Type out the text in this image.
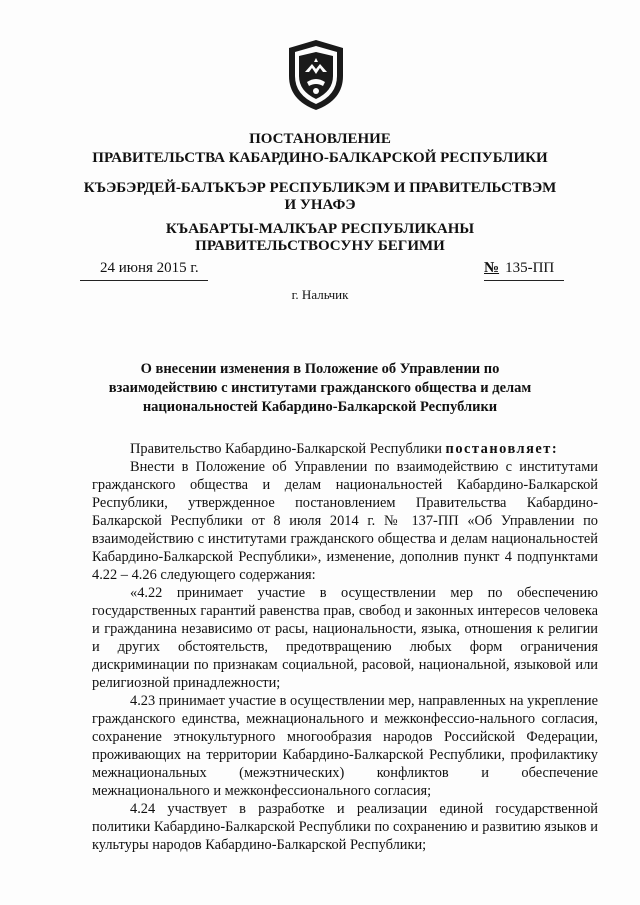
ПОСТАНОВЛЕНИЕ
ПРАВИТЕЛЬСТВА КАБАРДИНО-БАЛКАРСКОЙ РЕСПУБЛИКИ
КЪЭБЭРДЕЙ-БАЛЪКЪЭР РЕСПУБЛИКЭМ И ПРАВИТЕЛЬСТВЭМ И УНАФЭ
КЪАБАРТЫ-МАЛКЪАР РЕСПУБЛИКАНЫ ПРАВИТЕЛЬСТВОСУНУ БЕГИМИ
24 июня 2015 г.	№ 135-ПП
г. Нальчик
О внесении изменения в Положение об Управлении по взаимодействию с институтами гражданского общества и делам национальностей Кабардино-Балкарской Республики

Правительство Кабардино-Балкарской Республики постановляет:

Внести в Положение об Управлении по взаимодействию с институтами гражданского общества и делам национальностей Кабардино-Балкарской Республики, утвержденное постановлением Правительства Кабардино-Балкарской Республики от 8 июля 2014 г. № 137-ПП «Об Управлении по взаимодействию с институтами гражданского общества и делам национальностей Кабардино-Балкарской Республики», изменение, дополнив пункт 4 подпунктами 4.22 – 4.26 следующего содержания:

«4.22 принимает участие в осуществлении мер по обеспечению государственных гарантий равенства прав, свобод и законных интересов человека и гражданина независимо от расы, национальности, языка, отношения к религии и других обстоятельств, предотвращению любых форм ограничения дискриминации по признакам социальной, расовой, национальной, языковой или религиозной принадлежности;

4.23 принимает участие в осуществлении мер, направленных на укрепление гражданского единства, межнационального и межконфессио-нального согласия, сохранение этнокультурного многообразия народов Российской Федерации, проживающих на территории Кабардино-Балкарской Республики, профилактику межнациональных (межэтнических) конфликтов и обеспечение межнационального и межконфессионального согласия;

4.24 участвует в разработке и реализации единой государственной политики Кабардино-Балкарской Республики по сохранению и развитию языков и культуры народов Кабардино-Балкарской Республики;
